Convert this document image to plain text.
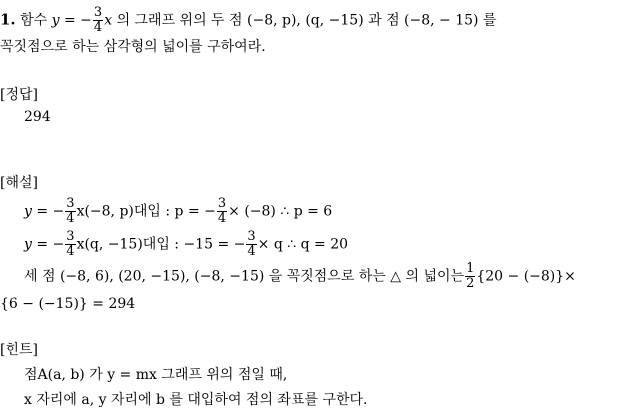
1. 함수 y = − $\frac{3}{4}$ x 의 그래프 위의 두 점 (−8, p), (q, −15) 과 점 (−8, − 15) 를
꼭짓점으로 하는 삼각형의 넓이를 구하여라.
[정답]
294
[해설]
y = − $\frac{3}{4} x(-8$, p)대입 : p = − $\frac{3}{4} \times (-8)$ ∴ p = 6
y = − $\frac{3}{4} x(q$, −15)대입 : −15 = − $\frac{3}{4} \times q$ ∴ q = 20
세 점 (−8, 6), (20, −15), (−8, −15) 을 꼭짓점으로 하는 △ 의 넓이는 $\frac{1}{2} \{20 - (-8)\}\times$
{6 − (−15)} = 294
[힌트]
점A(a, b) 가 y = mx 그래프 위의 점일 때,
x 자리에 a, y 자리에 b 를 대입하여 점의 좌표를 구한다.
